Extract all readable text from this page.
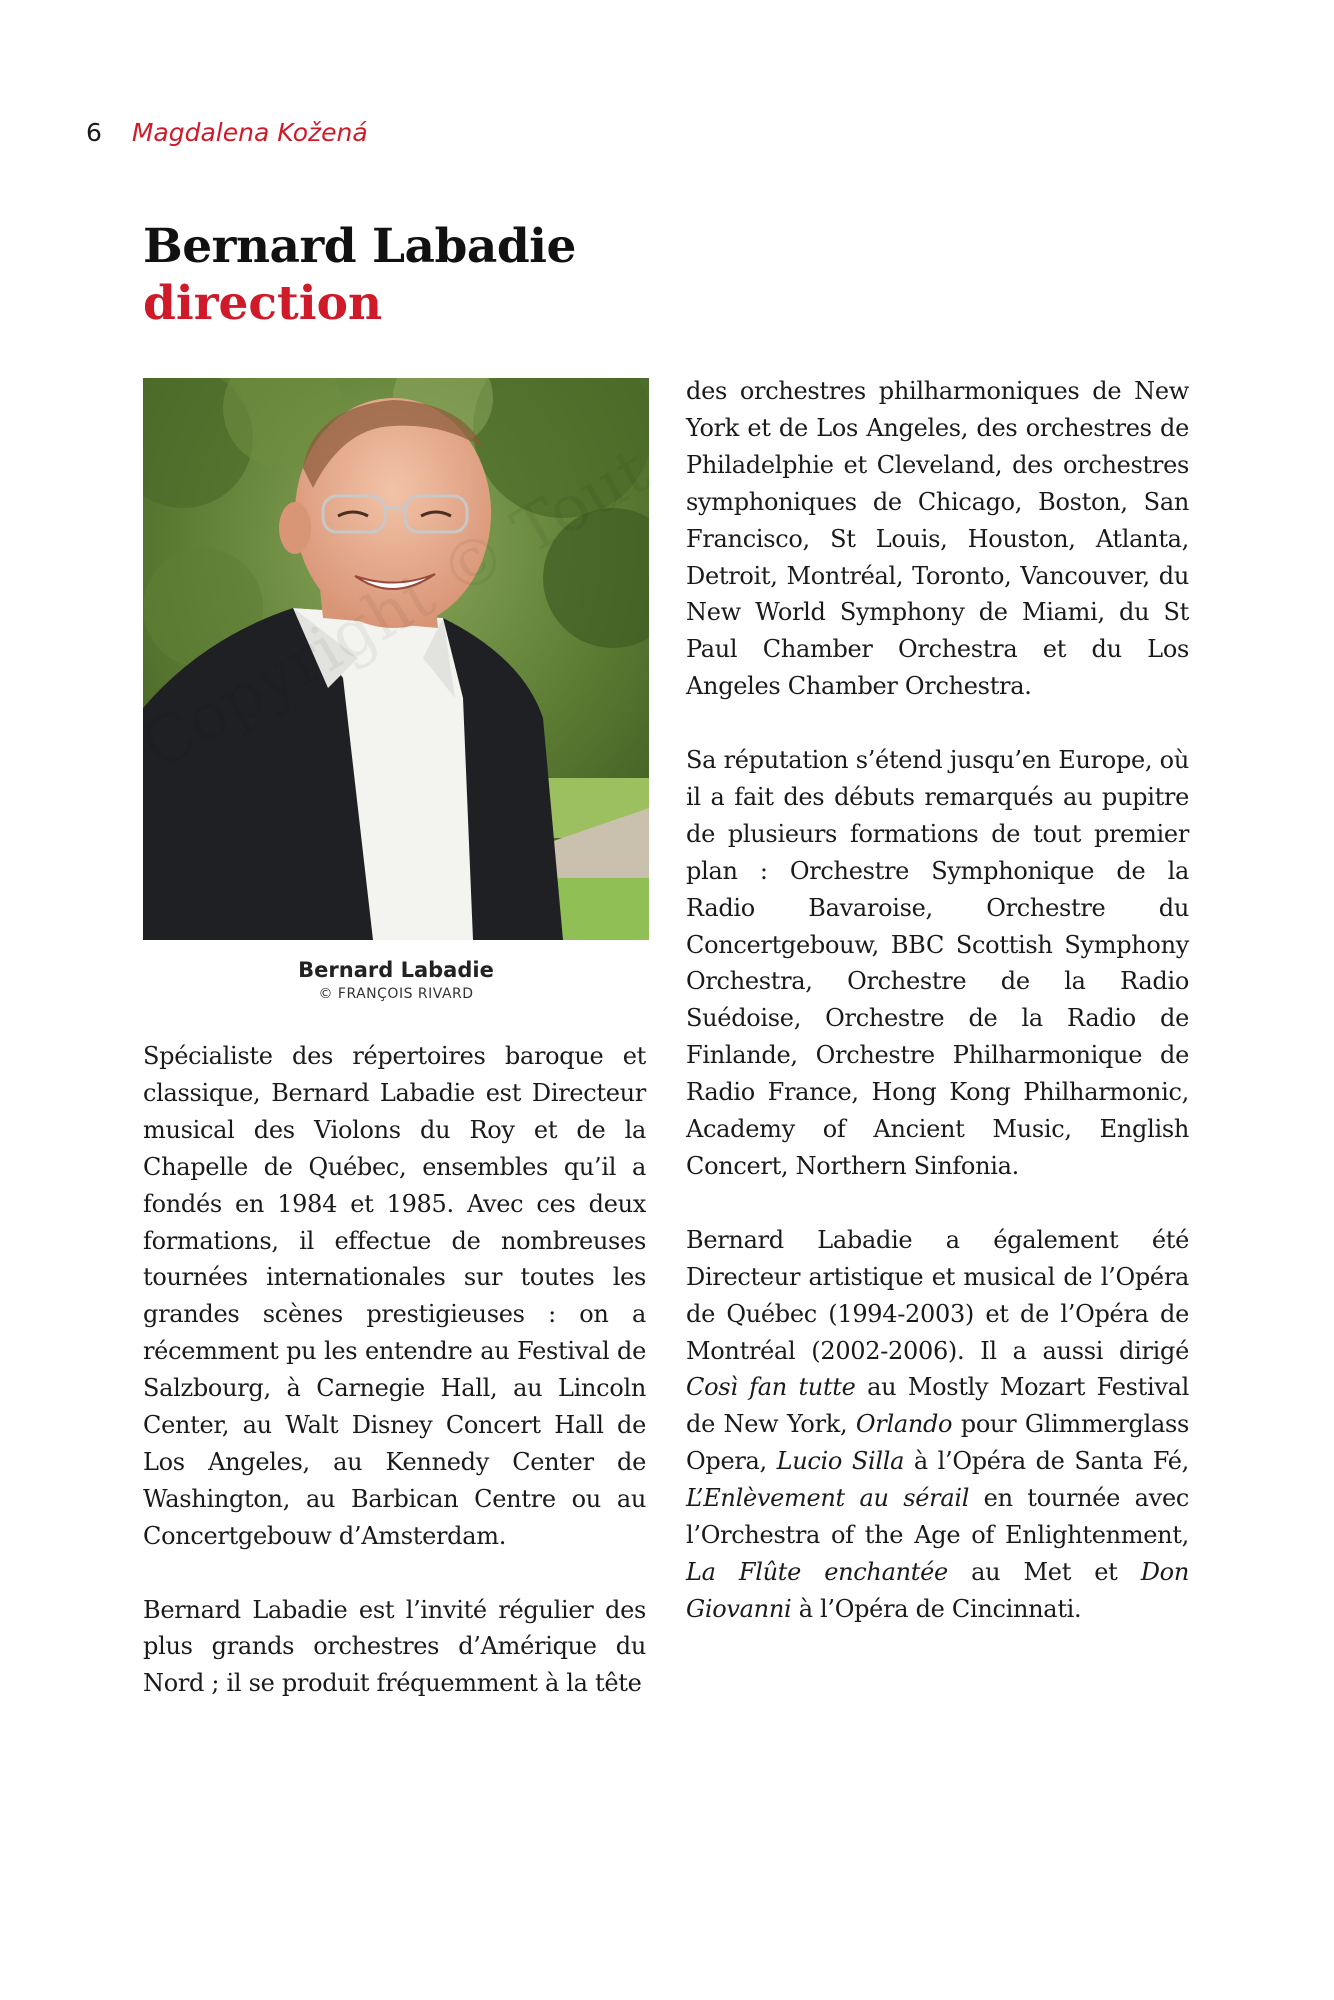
6 Magdalena Kožená
Bernard Labadie
direction
Bernard Labadie
© FRANÇOIS RIVARD

Spécialiste des répertoires baroque et classique, Bernard Labadie est Directeur musical des Violons du Roy et de la Chapelle de Québec, ensembles qu’il a fondés en 1984 et 1985. Avec ces deux formations, il effectue de nombreuses tournées internationales sur toutes les grandes scènes prestigieuses : on a récemment pu les entendre au Festival de Salzbourg, à Carnegie Hall, au Lincoln Center, au Walt Disney Concert Hall de Los Angeles, au Kennedy Center de Washington, au Barbican Centre ou au Concertgebouw d’Amsterdam.

Bernard Labadie est l’invité régulier des plus grands orchestres d’Amérique du Nord ; il se produit fréquemment à la tête

des orchestres philharmoniques de New York et de Los Angeles, des orchestres de Philadelphie et Cleveland, des orchestres symphoniques de Chicago, Boston, San Francisco, St Louis, Houston, Atlanta, Detroit, Montréal, Toronto, Vancouver, du New World Symphony de Miami, du St Paul Chamber Orchestra et du Los Angeles Chamber Orchestra.

Sa réputation s’étend jusqu’en Europe, où il a fait des débuts remarqués au pupitre de plusieurs formations de tout premier plan : Orchestre Symphonique de la Radio Bavaroise, Orchestre du Concertgebouw, BBC Scottish Symphony Orchestra, Orchestre de la Radio Suédoise, Orchestre de la Radio de Finlande, Orchestre Philharmonique de Radio France, Hong Kong Philharmonic, Academy of Ancient Music, English Concert, Northern Sinfonia.

Bernard Labadie a également été Directeur artistique et musical de l’Opéra de Québec (1994-2003) et de l’Opéra de Montréal (2002-2006). Il a aussi dirigé Così fan tutte au Mostly Mozart Festival de New York, Orlando pour Glimmerglass Opera, Lucio Silla à l’Opéra de Santa Fé, L’Enlèvement au sérail en tournée avec l’Orchestra of the Age of Enlightenment, La Flûte enchantée au Met et Don Giovanni à l’Opéra de Cincinnati.
